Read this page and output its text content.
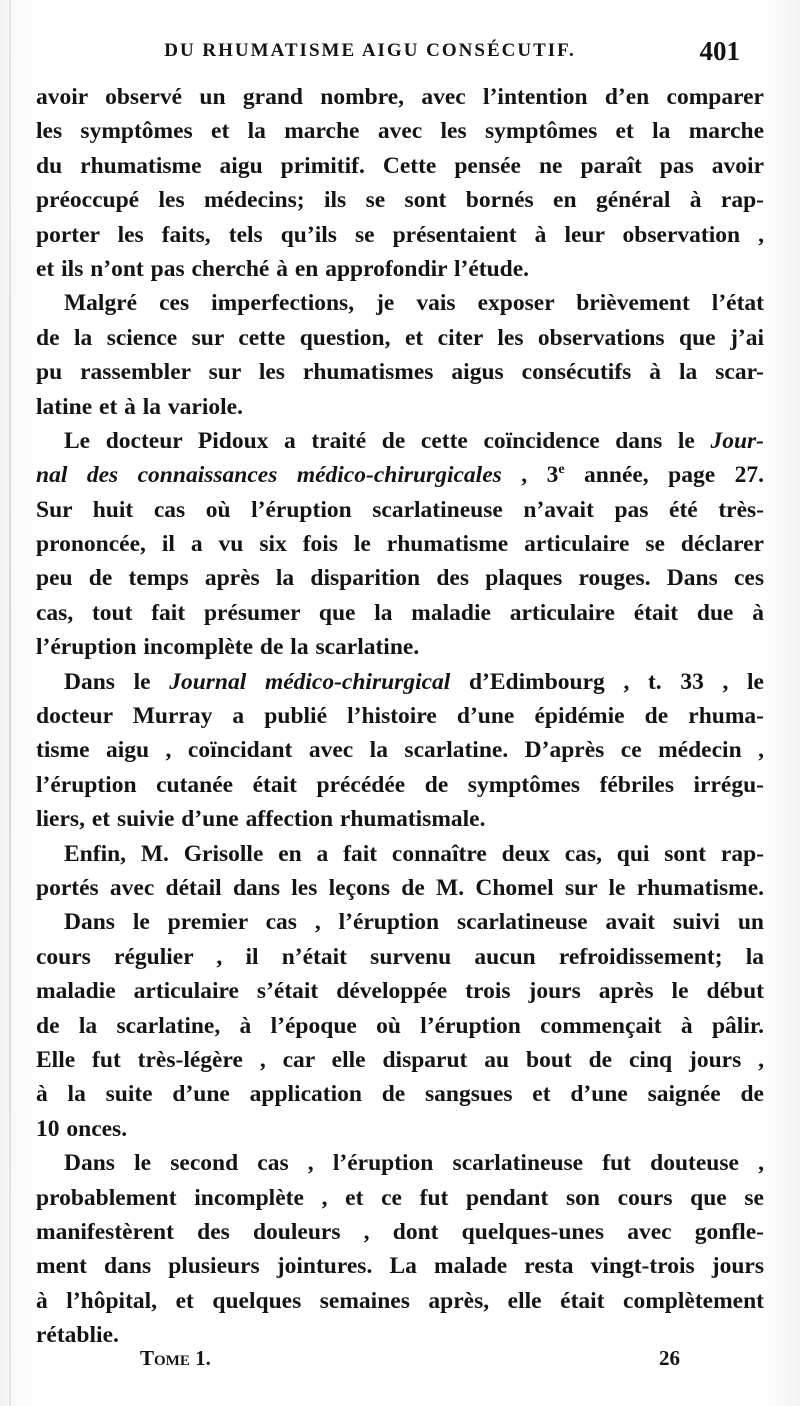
DU RHUMATISME AIGU CONSÉCUTIF.	401
avoir observé un grand nombre, avec l’intention d’en comparer
les symptômes et la marche avec les symptômes et la marche
du rhumatisme aigu primitif. Cette pensée ne paraît pas avoir
préoccupé les médecins; ils se sont bornés en général à rap-
porter les faits, tels qu’ils se présentaient à leur observation ,
et ils n’ont pas cherché à en approfondir l’étude.
Malgré ces imperfections, je vais exposer brièvement l’état
de la science sur cette question, et citer les observations que j’ai
pu rassembler sur les rhumatismes aigus consécutifs à la scar-
latine et à la variole.
Le docteur Pidoux a traité de cette coïncidence dans le Jour-
nal des connaissances médico-chirurgicales , 3e année, page 27.
Sur huit cas où l’éruption scarlatineuse n’avait pas été très-
prononcée, il a vu six fois le rhumatisme articulaire se déclarer
peu de temps après la disparition des plaques rouges. Dans ces
cas, tout fait présumer que la maladie articulaire était due à
l’éruption incomplète de la scarlatine.
Dans le Journal médico-chirurgical d’Edimbourg , t. 33 , le
docteur Murray a publié l’histoire d’une épidémie de rhuma-
tisme aigu , coïncidant avec la scarlatine. D’après ce médecin ,
l’éruption cutanée était précédée de symptômes fébriles irrégu-
liers, et suivie d’une affection rhumatismale.
Enfin, M. Grisolle en a fait connaître deux cas, qui sont rap-
portés avec détail dans les leçons de M. Chomel sur le rhumatisme.
Dans le premier cas , l’éruption scarlatineuse avait suivi un
cours régulier , il n’était survenu aucun refroidissement; la
maladie articulaire s’était développée trois jours après le début
de la scarlatine, à l’époque où l’éruption commençait à pâlir.
Elle fut très-légère , car elle disparut au bout de cinq jours ,
à la suite d’une application de sangsues et d’une saignée de
10 onces.
Dans le second cas , l’éruption scarlatineuse fut douteuse ,
probablement incomplète , et ce fut pendant son cours que se
manifestèrent des douleurs , dont quelques-unes avec gonfle-
ment dans plusieurs jointures. La malade resta vingt-trois jours
à l’hôpital, et quelques semaines après, elle était complètement
rétablie.
Tome 1.	26
